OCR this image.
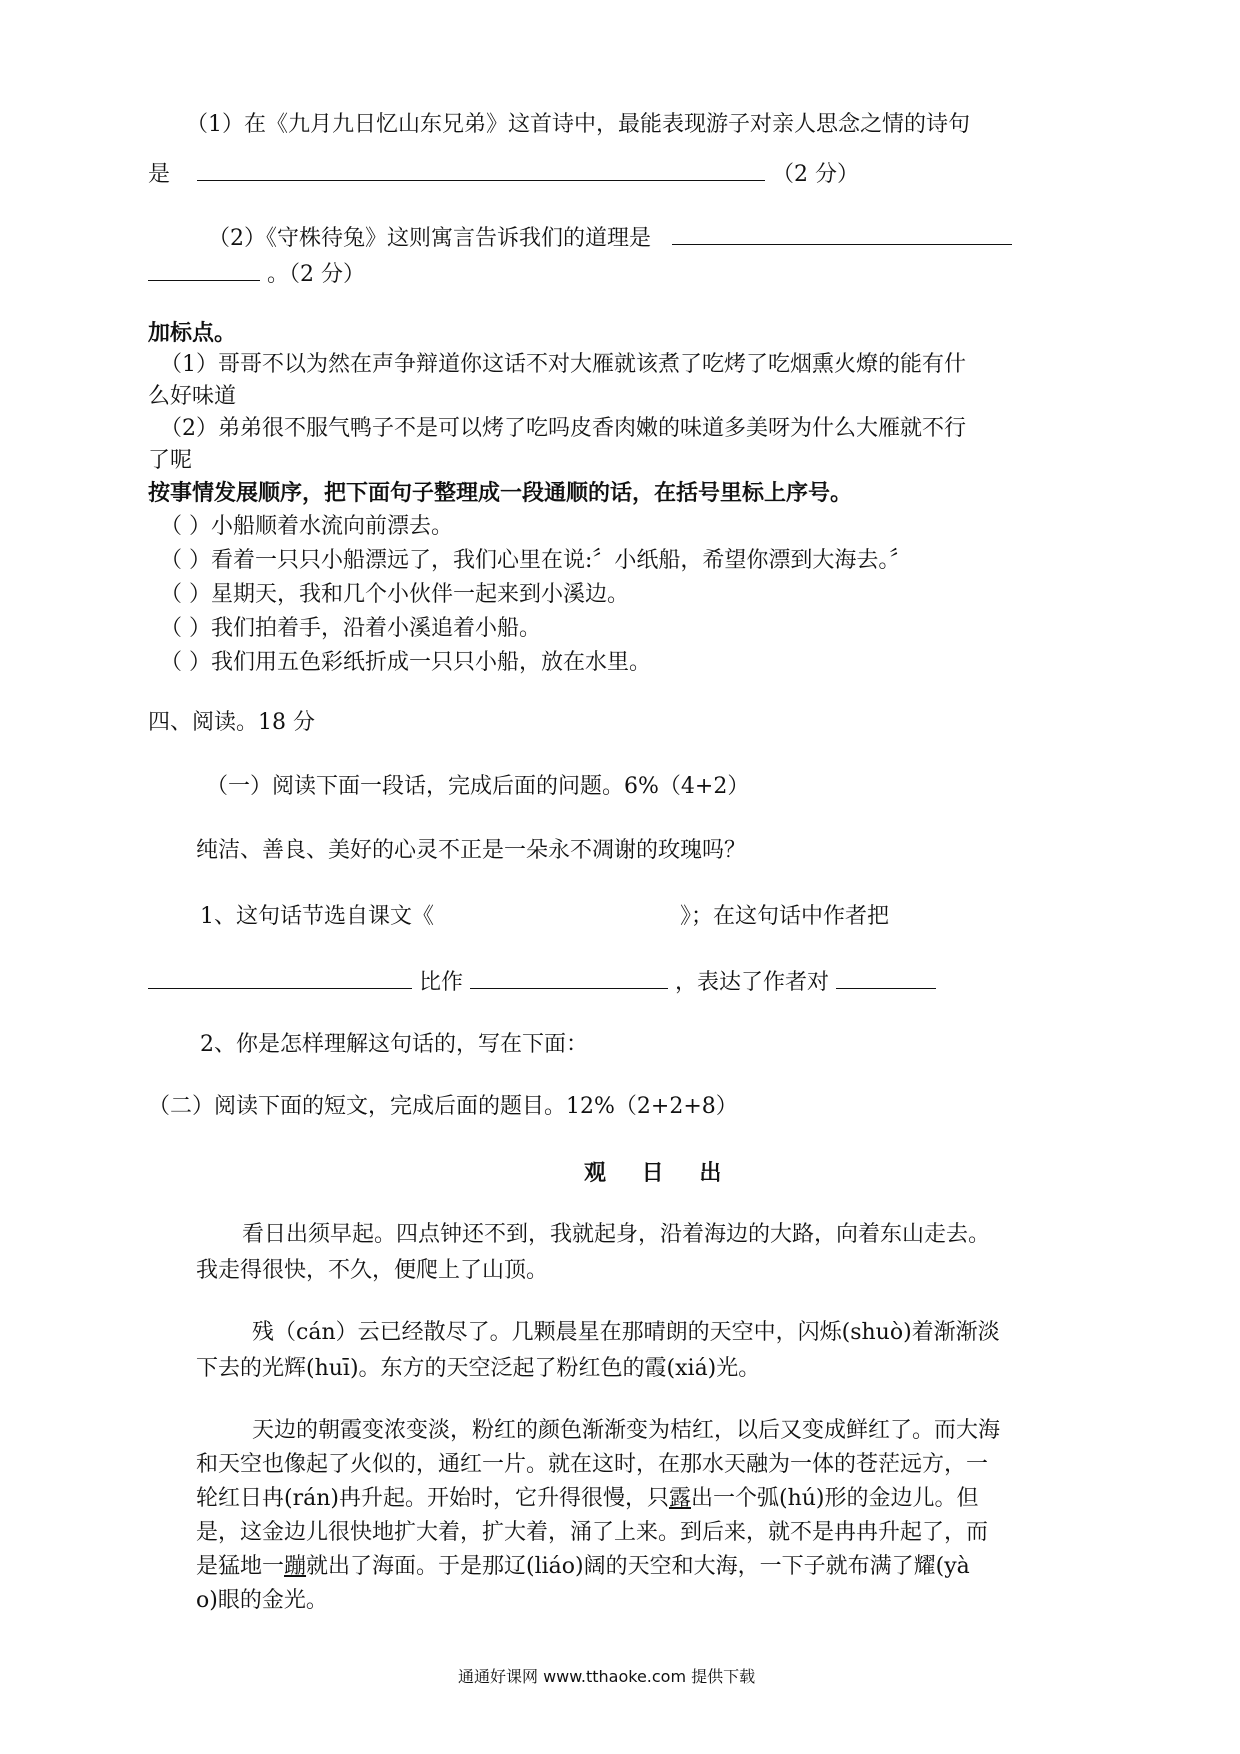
（1）在《九月九日忆山东兄弟》这首诗中，最能表现游子对亲人思念之情的诗句
是	（2 分）
（2）《守株待兔》这则寓言告诉我们的道理是
。（2 分）
加标点。
（1）哥哥不以为然在声争辩道你这话不对大雁就该煮了吃烤了吃烟熏火燎的能有什
么好味道
（2）弟弟很不服气鸭子不是可以烤了吃吗皮香肉嫩的味道多美呀为什么大雁就不行
了呢
按事情发展顺序，把下面句子整理成一段通顺的话，在括号里标上序号。
（ ）小船顺着水流向前漂去。
（ ）看着一只只小船漂远了，我们心里在说:〞小纸船，希望你漂到大海去。〞
（ ）星期天，我和几个小伙伴一起来到小溪边。
（ ）我们拍着手，沿着小溪追着小船。
（ ）我们用五色彩纸折成一只只小船，放在水里。
四、阅读。18 分
（一）阅读下面一段话，完成后面的问题。6%（4+2）
纯洁、善良、美好的心灵不正是一朵永不凋谢的玫瑰吗？
1、这句话节选自课文《	》；在这句话中作者把
比作	，表达了作者对
2、你是怎样理解这句话的，写在下面：
（二）阅读下面的短文，完成后面的题目。12%（2+2+8）
观 日 出
看日出须早起。四点钟还不到，我就起身，沿着海边的大路，向着东山走去。
我走得很快，不久，便爬上了山顶。
残（cán）云已经散尽了。几颗晨星在那晴朗的天空中，闪烁(shuò)着渐渐淡
下去的光辉(huī)。东方的天空泛起了粉红色的霞(xiá)光。
天边的朝霞变浓变淡，粉红的颜色渐渐变为桔红，以后又变成鲜红了。而大海
和天空也像起了火似的，通红一片。就在这时，在那水天融为一体的苍茫远方，一
轮红日冉(rán)冉升起。开始时，它升得很慢，只露出一个弧(hú)形的金边儿。但
是，这金边儿很快地扩大着，扩大着，涌了上来。到后来，就不是冉冉升起了，而
是猛地一蹦就出了海面。于是那辽(liáo)阔的天空和大海，一下子就布满了耀(yà
o)眼的金光。
通通好课网 www.tthaoke.com 提供下载
